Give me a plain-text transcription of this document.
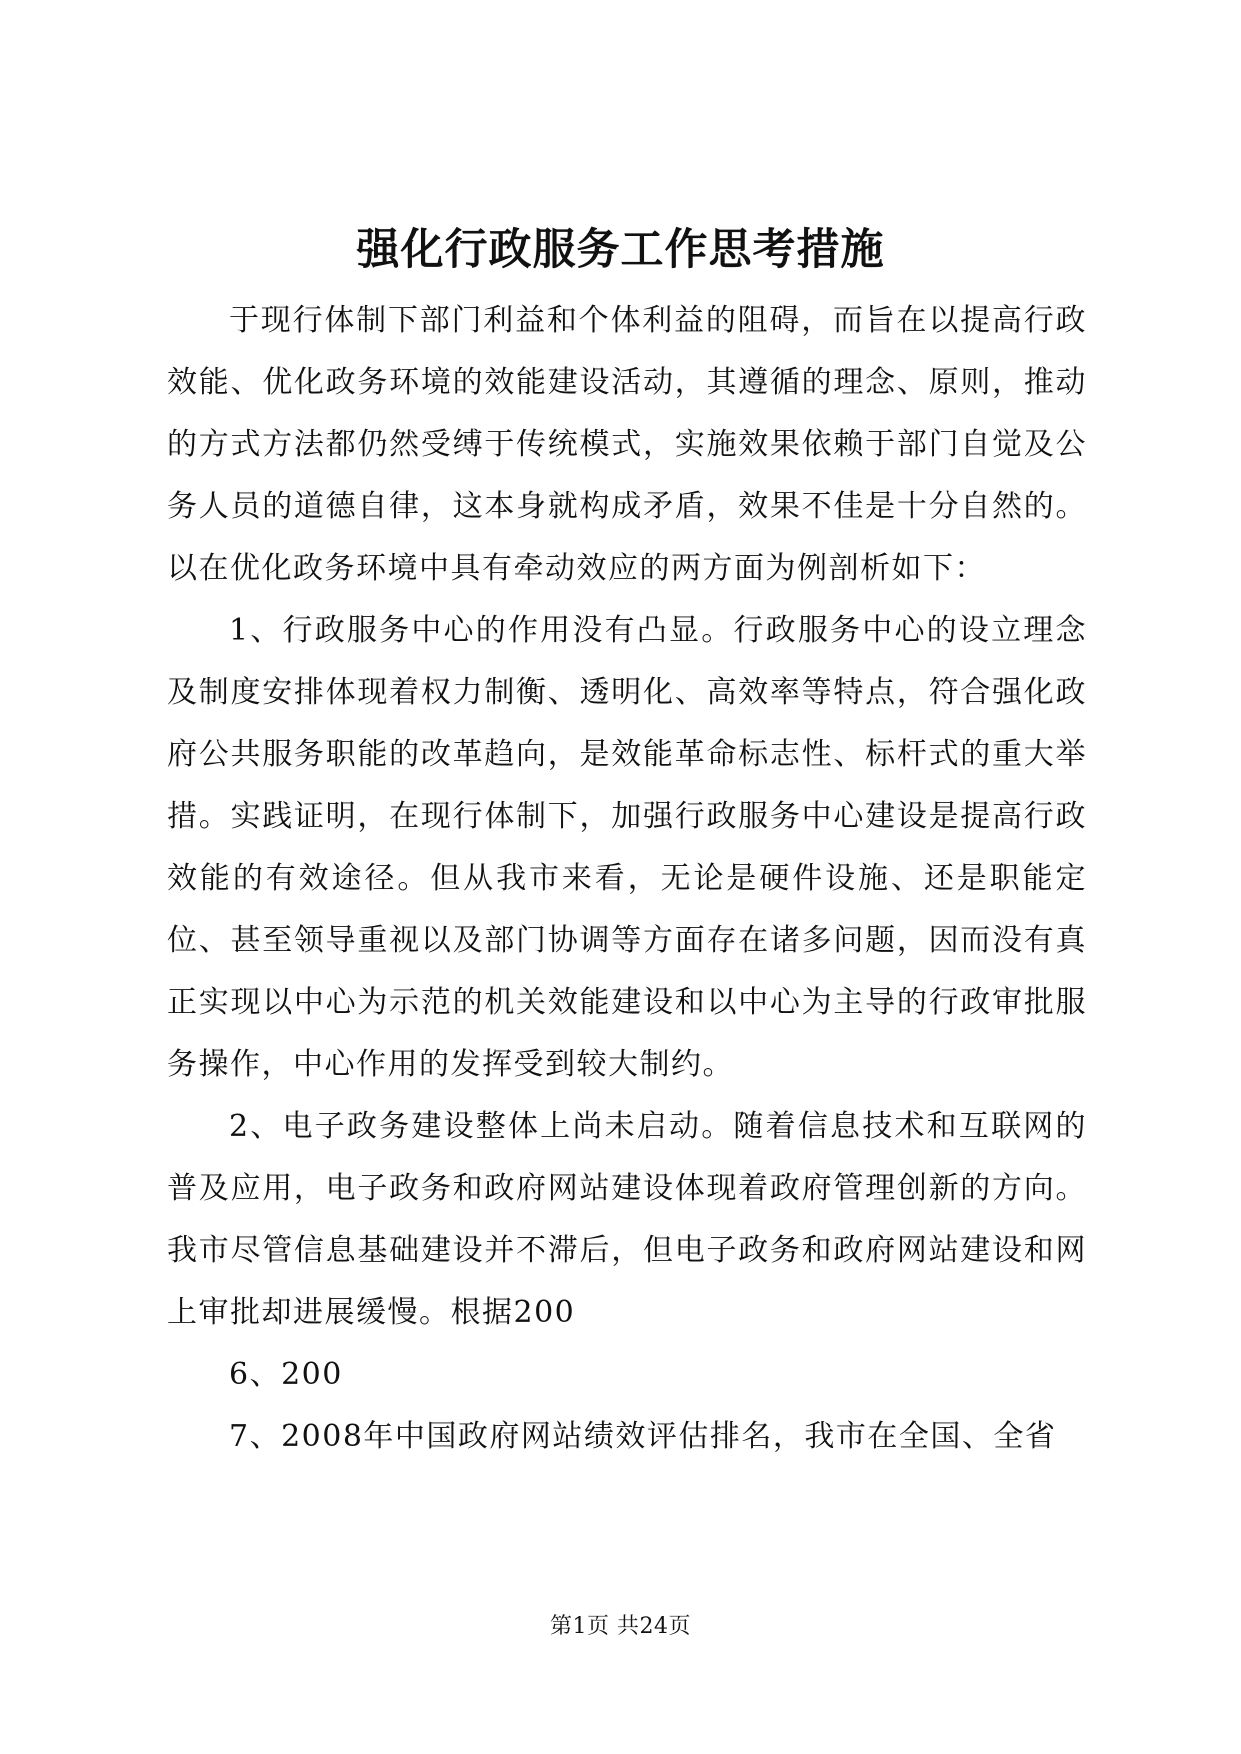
强化行政服务工作思考措施

于现行体制下部门利益和个体利益的阻碍，而旨在以提高行政效能、优化政务环境的效能建设活动，其遵循的理念、原则，推动的方式方法都仍然受缚于传统模式，实施效果依赖于部门自觉及公务人员的道德自律，这本身就构成矛盾，效果不佳是十分自然的。以在优化政务环境中具有牵动效应的两方面为例剖析如下：

1、行政服务中心的作用没有凸显。行政服务中心的设立理念及制度安排体现着权力制衡、透明化、高效率等特点，符合强化政府公共服务职能的改革趋向，是效能革命标志性、标杆式的重大举措。实践证明，在现行体制下，加强行政服务中心建设是提高行政效能的有效途径。但从我市来看，无论是硬件设施、还是职能定位、甚至领导重视以及部门协调等方面存在诸多问题，因而没有真正实现以中心为示范的机关效能建设和以中心为主导的行政审批服务操作，中心作用的发挥受到较大制约。

2、电子政务建设整体上尚未启动。随着信息技术和互联网的普及应用，电子政务和政府网站建设体现着政府管理创新的方向。我市尽管信息基础建设并不滞后，但电子政务和政府网站建设和网上审批却进展缓慢。根据200

6、200

7、2008年中国政府网站绩效评估排名，我市在全国、全省

第1页 共24页
